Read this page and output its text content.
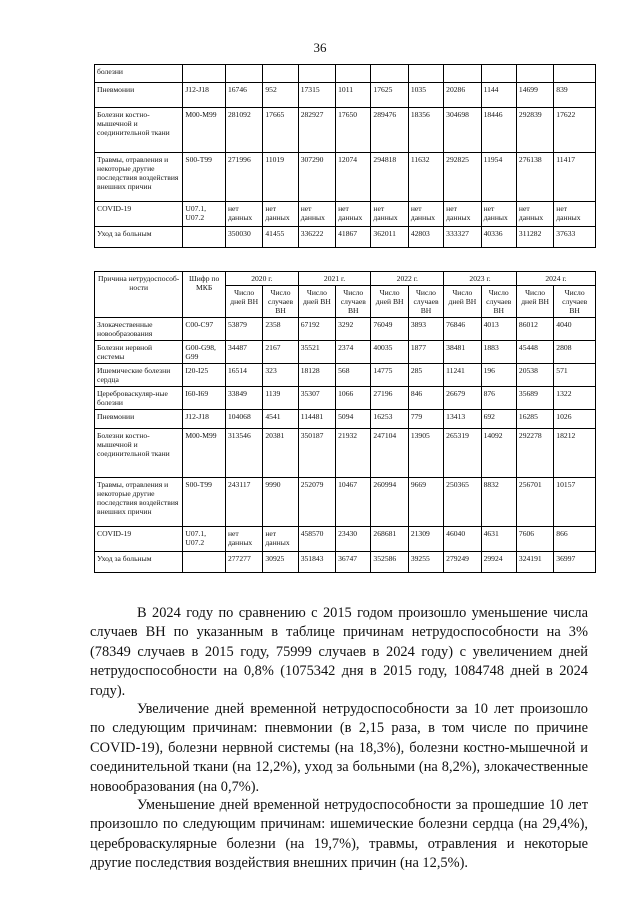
36
болезни											
Пневмонии	J12-J18	16746	952	17315	1011	17625	1035	20286	1144	14699	839
Болезни костно-мышечной и соединительной ткани	M00-M99	281092	17665	282927	17650	289476	18356	304698	18446	292839	17622
Травмы, отравления и некоторые другие последствия воздействия внешних причин	S00-T99	271996	11019	307290	12074	294818	11632	292825	11954	276138	11417
COVID-19	U07.1, U07.2	нет данных	нет данных	нет данных	нет данных	нет данных	нет данных	нет данных	нет данных	нет данных	нет данных
Уход за больным		350030	41455	336222	41867	362011	42803	333327	40336	311282	37633
Причина нетрудоспособ-ности	Шифр по МКБ	2020 г.		2021 г.		2022 г.		2023 г.		2024 г.	
		Число дней ВН	Число случаев ВН	Число дней ВН	Число случаев ВН	Число дней ВН	Число случаев ВН	Число дней ВН	Число случаев ВН	Число дней ВН	Число случаев ВН
Злокачественные новообразования	C00-C97	53879	2358	67192	3292	76049	3893	76846	4013	86012	4040
Болезни нервной системы	G00-G98, G99	34487	2167	35521	2374	40035	1877	38481	1883	45448	2808
Ишемические болезни сердца	I20-I25	16514	323	18128	568	14775	285	11241	196	20538	571
Цереброваскуляр-ные болезни	I60-I69	33849	1139	35307	1066	27196	846	26679	876	35689	1322
Пневмонии	J12-J18	104068	4541	114481	5094	16253	779	13413	692	16285	1026
Болезни костно-мышечной и соединительной ткани	M00-M99	313546	20381	350187	21932	247104	13905	265319	14092	292278	18212
Травмы, отравления и некоторые другие последствия воздействия внешних причин	S00-T99	243117	9990	252079	10467	260994	9669	250365	8832	256701	10157
COVID-19	U07.1, U07.2	нет данных	нет данных	458570	23430	268681	21309	46040	4631	7606	866
Уход за больным		277277	30925	351843	36747	352586	39255	279249	29924	324191	36997

В 2024 году по сравнению с 2015 годом произошло уменьшение числа случаев ВН по указанным в таблице причинам нетрудоспособности на 3% (78349 случаев в 2015 году, 75999 случаев в 2024 году) с увеличением дней нетрудоспособности на 0,8% (1075342 дня в 2015 году, 1084748 дней в 2024 году).

Увеличение дней временной нетрудоспособности за 10 лет произошло по следующим причинам: пневмонии (в 2,15 раза, в том числе по причине COVID-19), болезни нервной системы (на 18,3%), болезни костно-мышечной и соединительной ткани (на 12,2%), уход за больными (на 8,2%), злокачественные новообразования (на 0,7%).

Уменьшение дней временной нетрудоспособности за прошедшие 10 лет произошло по следующим причинам: ишемические болезни сердца (на 29,4%), цереброваскулярные болезни (на 19,7%), травмы, отравления и некоторые другие последствия воздействия внешних причин (на 12,5%).
